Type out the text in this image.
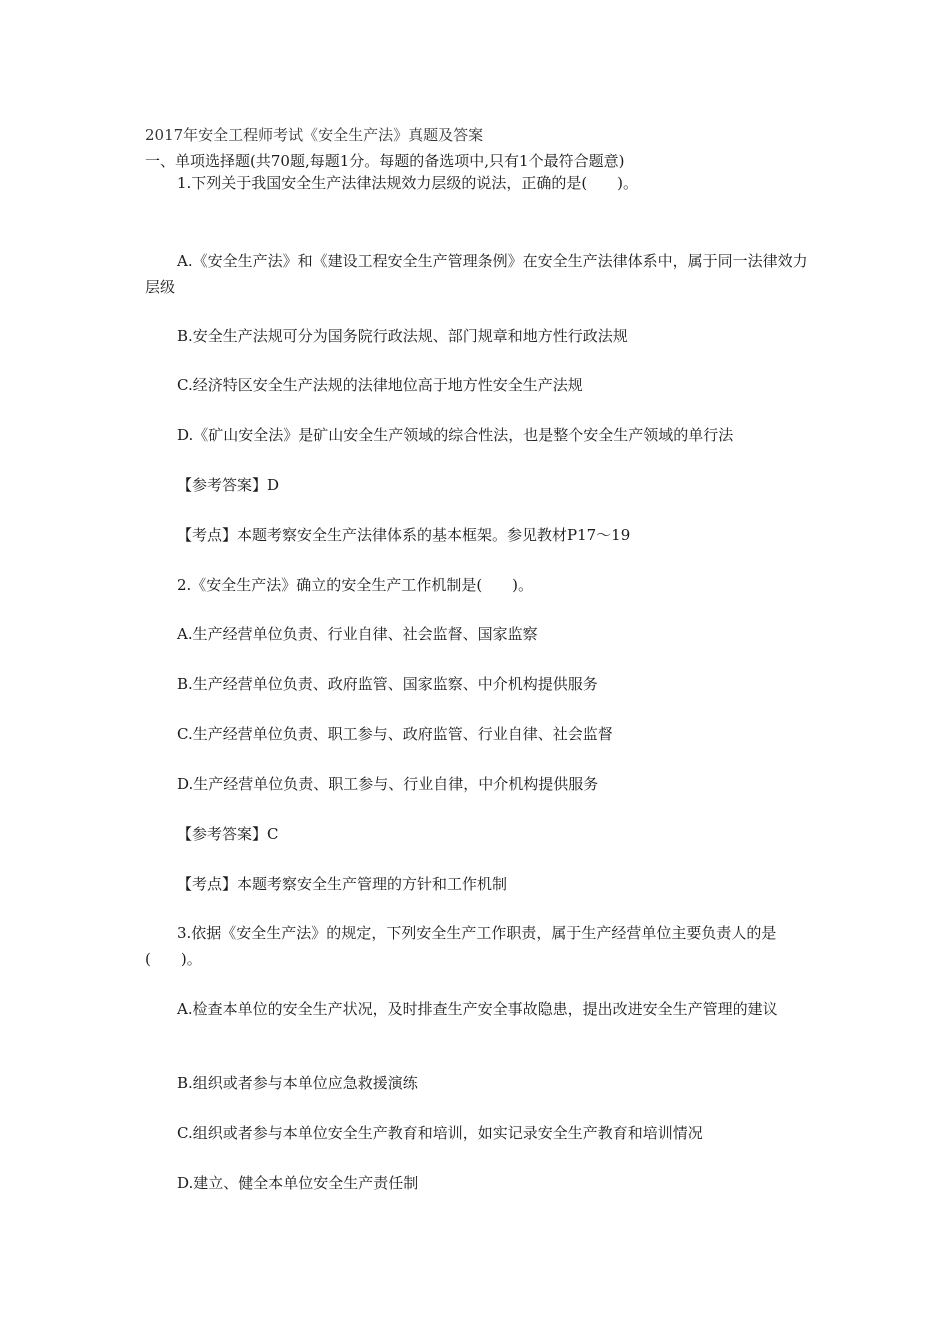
2017年安全工程师考试《安全生产法》真题及答案
一、单项选择题(共70题,每题1分。每题的备选项中,只有1个最符合题意)
1.下列关于我国安全生产法律法规效力层级的说法，正确的是(　　)。
A.《安全生产法》和《建设工程安全生产管理条例》在安全生产法律体系中，属于同一法律效力层级
B.安全生产法规可分为国务院行政法规、部门规章和地方性行政法规
C.经济特区安全生产法规的法律地位高于地方性安全生产法规
D.《矿山安全法》是矿山安全生产领域的综合性法，也是整个安全生产领域的单行法
【参考答案】D
【考点】本题考察安全生产法律体系的基本框架。参见教材P17～19
2.《安全生产法》确立的安全生产工作机制是(　　)。
A.生产经营单位负责、行业自律、社会监督、国家监察
B.生产经营单位负责、政府监管、国家监察、中介机构提供服务
C.生产经营单位负责、职工参与、政府监管、行业自律、社会监督
D.生产经营单位负责、职工参与、行业自律，中介机构提供服务
【参考答案】C
【考点】本题考察安全生产管理的方针和工作机制
3.依据《安全生产法》的规定，下列安全生产工作职责，属于生产经营单位主要负责人的是(　　)。
A.检查本单位的安全生产状况，及时排查生产安全事故隐患，提出改进安全生产管理的建议
B.组织或者参与本单位应急救援演练
C.组织或者参与本单位安全生产教育和培训，如实记录安全生产教育和培训情况
D.建立、健全本单位安全生产责任制
